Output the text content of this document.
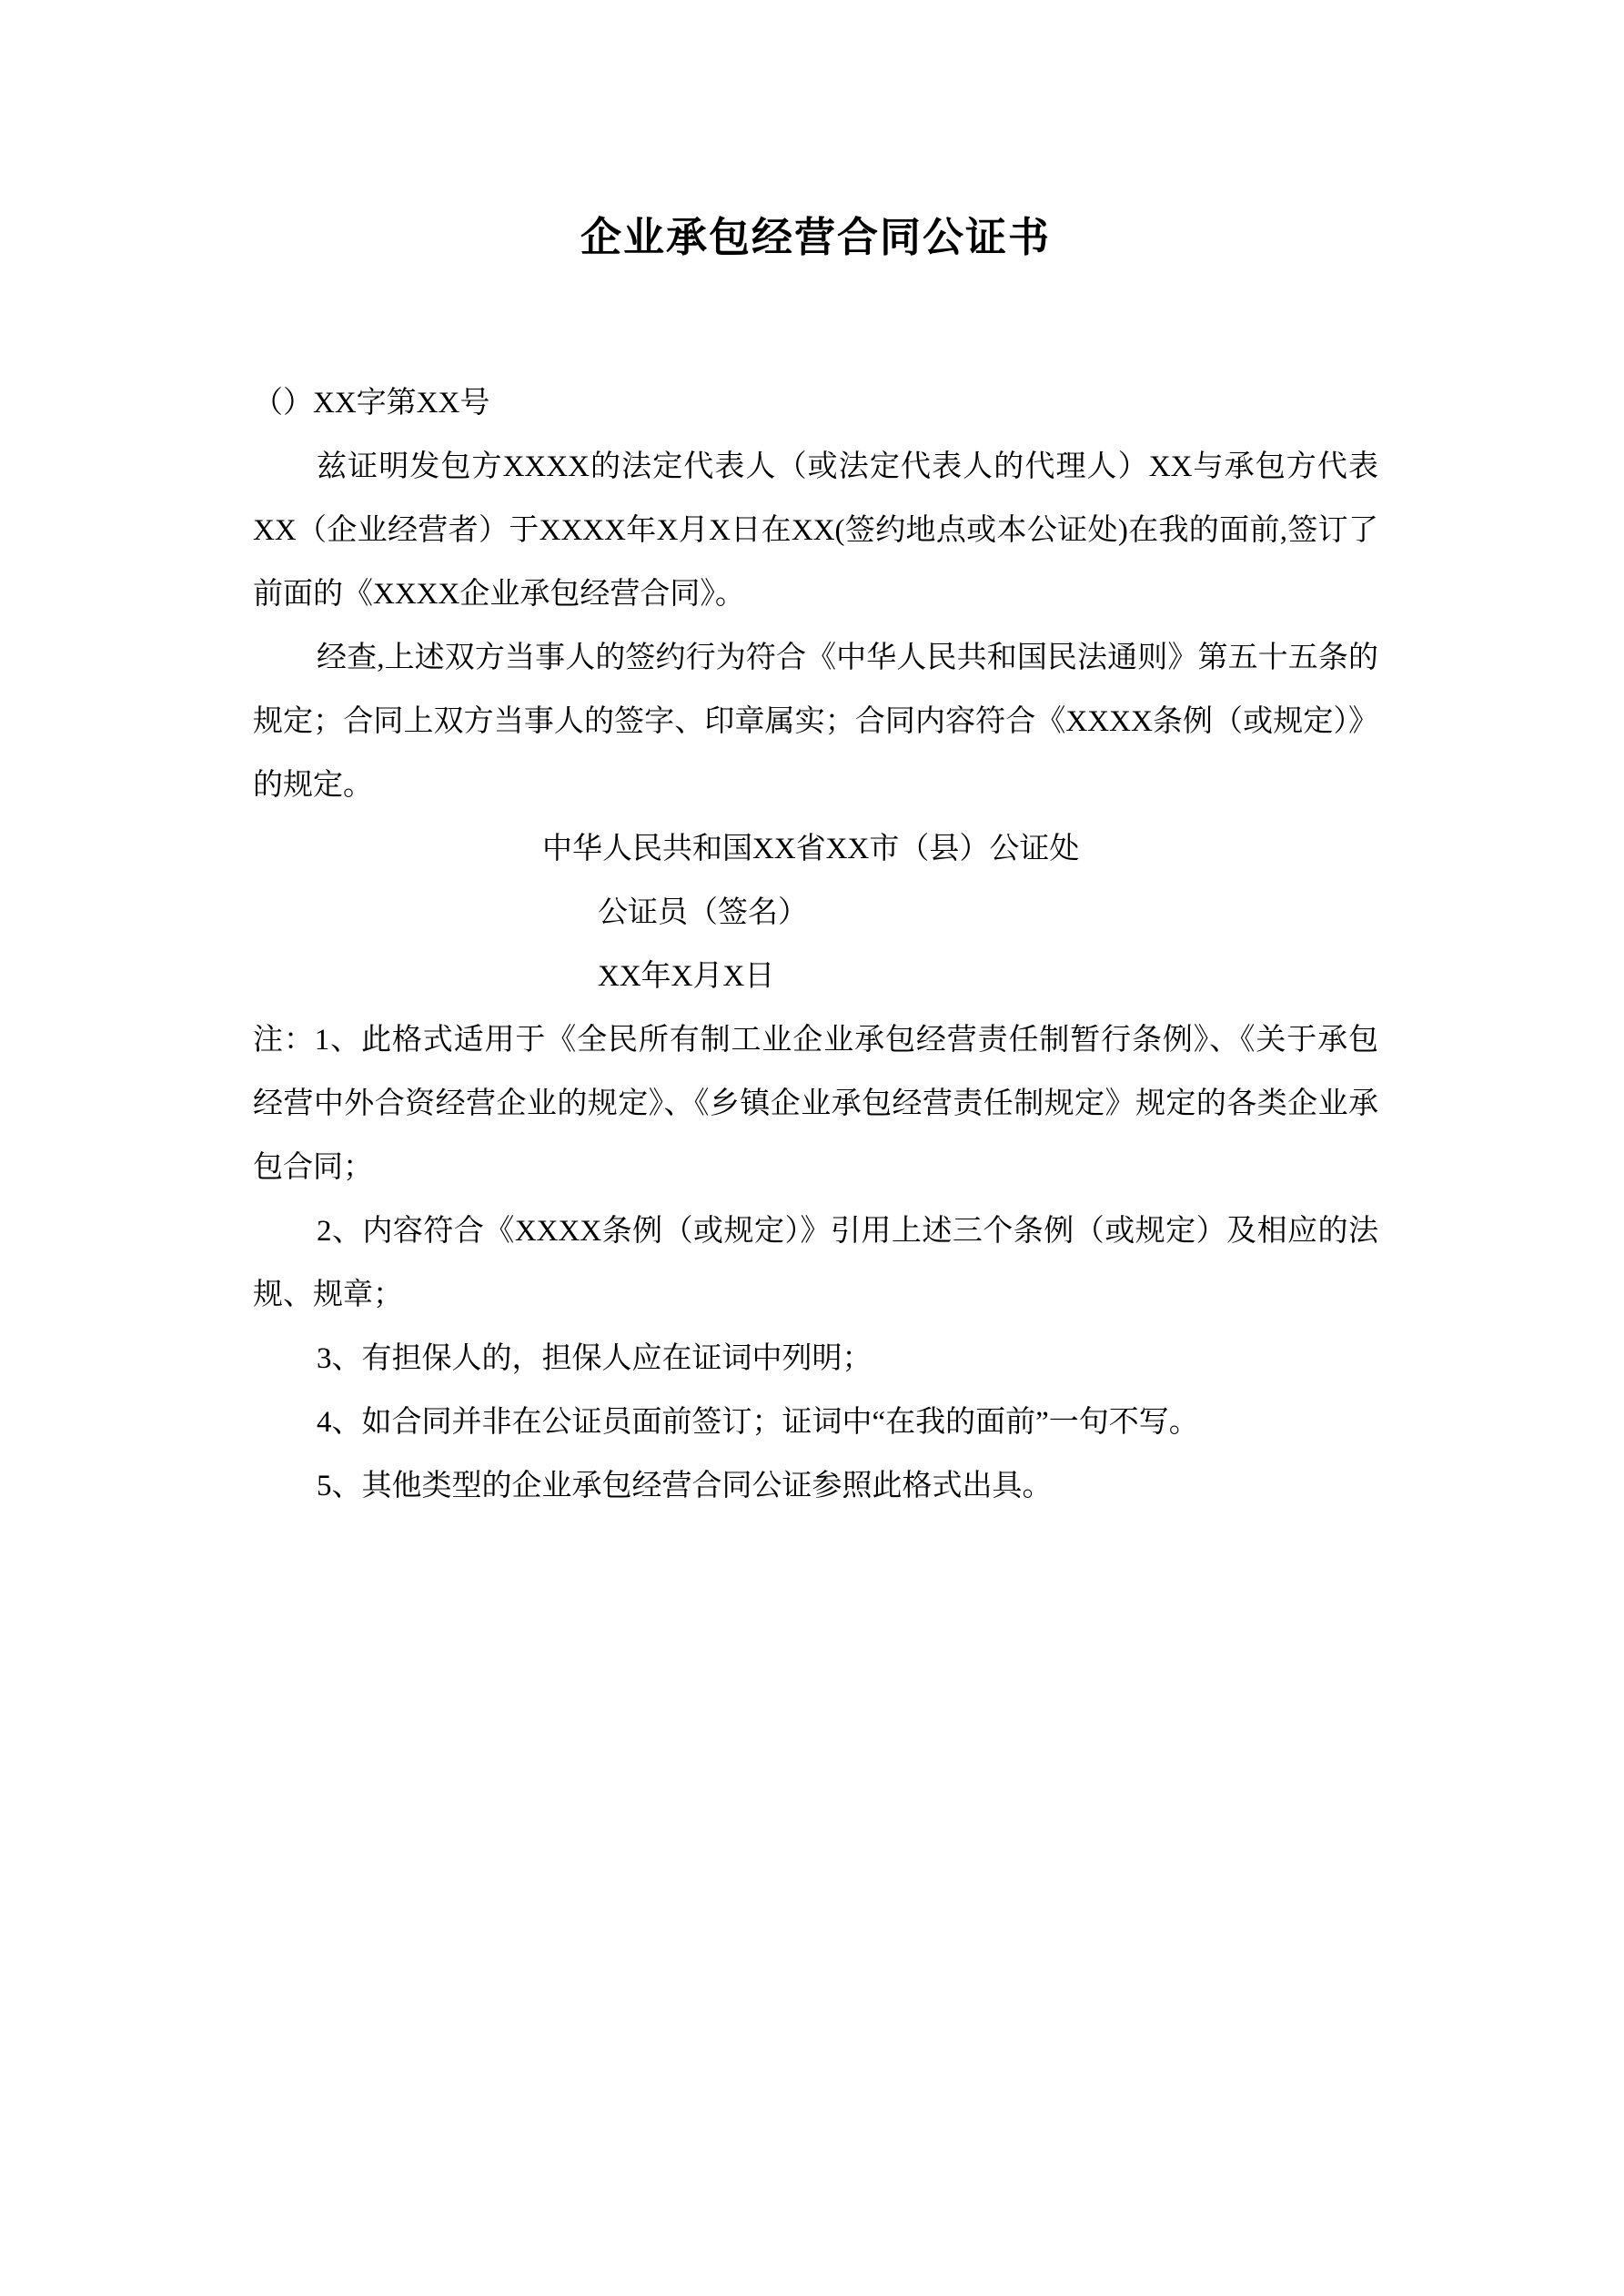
企业承包经营合同公证书

（）XX字第XX号

兹证明发包方XXXX的法定代表人（或法定代表人的代理人）XX与承包方代表XX（企业经营者）于XXXX年X月X日在XX(签约地点或本公证处)在我的面前,签订了前面的《XXXX企业承包经营合同》。

经查,上述双方当事人的签约行为符合《中华人民共和国民法通则》第五十五条的规定；合同上双方当事人的签字、印章属实；合同内容符合《XXXX条例（或规定）》的规定。

中华人民共和国XX省XX市（县）公证处

公证员（签名）

XX年X月X日

注：1、此格式适用于《全民所有制工业企业承包经营责任制暂行条例》、《关于承包经营中外合资经营企业的规定》、《乡镇企业承包经营责任制规定》规定的各类企业承包合同；

2、内容符合《XXXX条例（或规定）》引用上述三个条例（或规定）及相应的法规、规章；

3、有担保人的，担保人应在证词中列明；

4、如合同并非在公证员面前签订；证词中“在我的面前”一句不写。

5、其他类型的企业承包经营合同公证参照此格式出具。
